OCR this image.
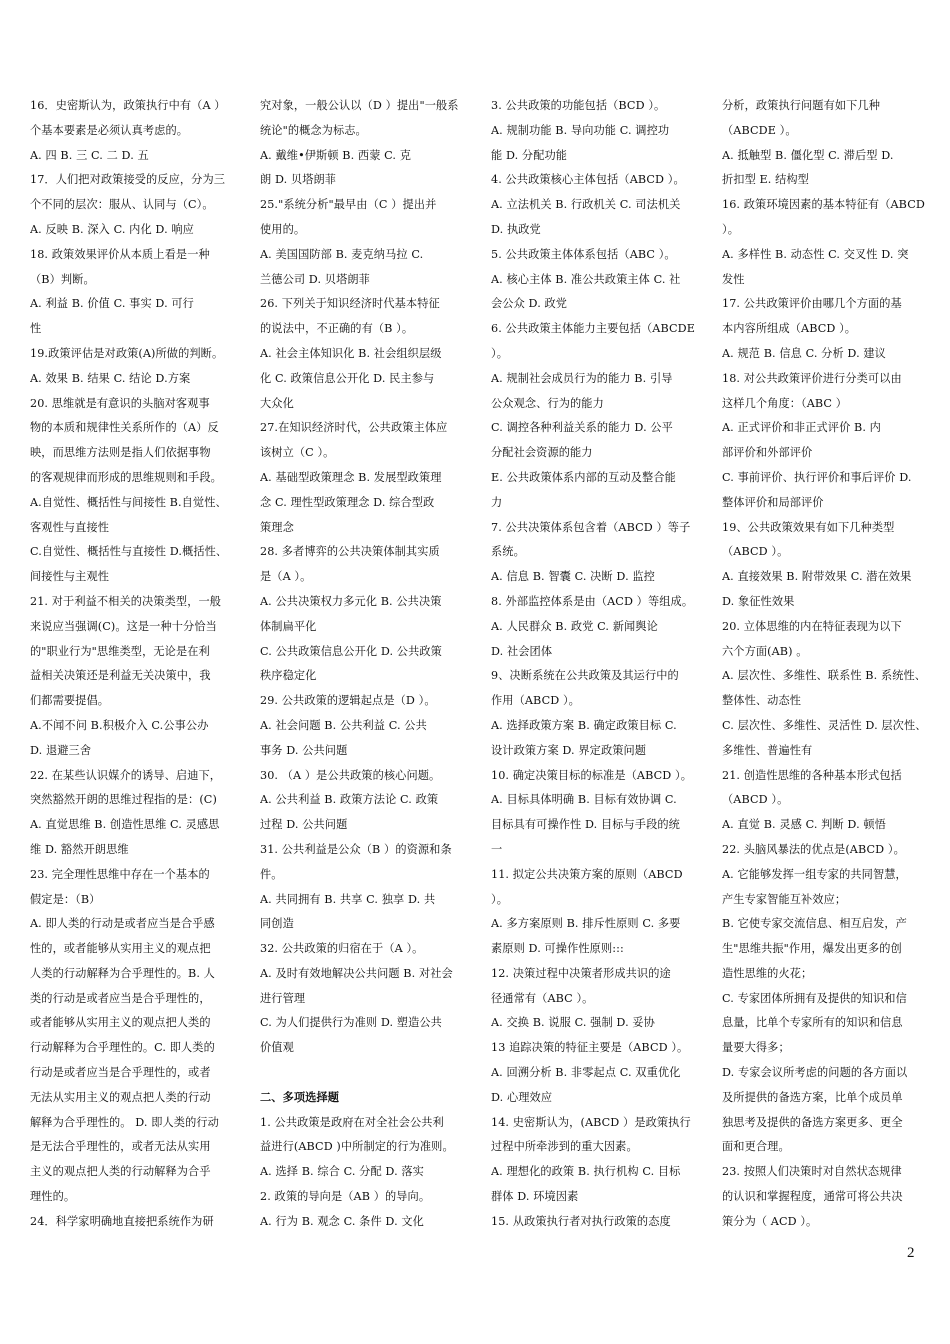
16．史密斯认为，政策执行中有（A ）
个基本要素是必须认真考虑的。
A. 四 B. 三 C. 二 D. 五
17．人们把对政策接受的反应，分为三
个不同的层次：服从、认同与（C）。
A. 反映 B. 深入 C. 内化 D. 响应
18. 政策效果评价从本质上看是一种
（B）判断。
A. 利益 B. 价值 C. 事实 D. 可行
性
19.政策评估是对政策(A)所做的判断。
A. 效果 B. 结果 C. 结论 D.方案
20. 思维就是有意识的头脑对客观事
物的本质和规律性关系所作的（A）反
映，而思维方法则是指人们依据事物
的客观规律而形成的思维规则和手段。
A.自觉性、概括性与间接性 B.自觉性、
客观性与直接性
C.自觉性、概括性与直接性 D.概括性、
间接性与主观性
21. 对于利益不相关的决策类型，一般
来说应当强调(C)。这是一种十分恰当
的"职业行为"思维类型，无论是在利
益相关决策还是利益无关决策中，我
们都需要提倡。
A.不闻不问 B.积极介入 C.公事公办
D. 退避三舍
22. 在某些认识媒介的诱导、启迪下，
突然豁然开朗的思维过程指的是：(C)
A. 直觉思维 B. 创造性思维 C. 灵感思
维 D. 豁然开朗思维
23. 完全理性思维中存在一个基本的
假定是：（B）
A. 即人类的行动是或者应当是合乎感
性的，或者能够从实用主义的观点把
人类的行动解释为合乎理性的。B. 人
类的行动是或者应当是合乎理性的，
或者能够从实用主义的观点把人类的
行动解释为合乎理性的。C. 即人类的
行动是或者应当是合乎理性的，或者
无法从实用主义的观点把人类的行动
解释为合乎理性的。 D. 即人类的行动
是无法合乎理性的，或者无法从实用
主义的观点把人类的行动解释为合乎
理性的。
24．科学家明确地直接把系统作为研
究对象，一般公认以（D ）提出"一般系
统论"的概念为标志。
A. 戴维•伊斯顿 B. 西蒙 C. 克
朗 D. 贝塔朗菲
25."系统分析"最早由（C ）提出并
使用的。
A. 美国国防部 B. 麦克纳马拉 C.
兰德公司 D. 贝塔朗菲
26. 下列关于知识经济时代基本特征
的说法中，不正确的有（B ）。
A. 社会主体知识化 B. 社会组织层级
化 C. 政策信息公开化 D. 民主参与
大众化
27.在知识经济时代，公共政策主体应
该树立（C ）。
A. 基础型政策理念 B. 发展型政策理
念 C. 理性型政策理念 D. 综合型政
策理念
28. 多者博弈的公共决策体制其实质
是（A ）。
A. 公共决策权力多元化 B. 公共决策
体制扁平化
C. 公共政策信息公开化 D. 公共政策
秩序稳定化
29. 公共政策的逻辑起点是（D ）。
A. 社会问题 B. 公共利益 C. 公共
事务 D. 公共问题
30. （A ）是公共政策的核心问题。
A. 公共利益 B. 政策方法论 C. 政策
过程 D. 公共问题
31. 公共利益是公众（B ）的资源和条
件。
A. 共同拥有 B. 共享 C. 独享 D. 共
同创造
32. 公共政策的归宿在于（A ）。
A. 及时有效地解决公共问题 B. 对社会
进行管理
C. 为人们提供行为准则 D. 塑造公共
价值观
二、多项选择题
1. 公共政策是政府在对全社会公共利
益进行(ABCD )中所制定的行为准则。
A. 选择 B. 综合 C. 分配 D. 落实
2. 政策的导向是（AB ）的导向。
A. 行为 B. 观念 C. 条件 D. 文化
3. 公共政策的功能包括（BCD ）。
A. 规制功能 B. 导向功能 C. 调控功
能 D. 分配功能
4. 公共政策核心主体包括（ABCD ）。
A. 立法机关 B. 行政机关 C. 司法机关
D. 执政党
5. 公共政策主体体系包括（ABC ）。
A. 核心主体 B. 准公共政策主体 C. 社
会公众 D. 政党
6. 公共政策主体能力主要包括（ABCDE
）。
A. 规制社会成员行为的能力 B. 引导
公众观念、行为的能力
C. 调控各种利益关系的能力 D. 公平
分配社会资源的能力
E. 公共政策体系内部的互动及整合能
力
7. 公共决策体系包含着（ABCD ）等子
系统。
A. 信息 B. 智囊 C. 决断 D. 监控
8. 外部监控体系是由（ACD ）等组成。
A. 人民群众 B. 政党 C. 新闻舆论
D. 社会团体
9、决断系统在公共政策及其运行中的
作用（ABCD ）。
A. 选择政策方案 B. 确定政策目标 C.
设计政策方案 D. 界定政策问题
10. 确定决策目标的标准是（ABCD ）。
A. 目标具体明确 B. 目标有效协调 C.
目标具有可操作性 D. 目标与手段的统
一
11. 拟定公共决策方案的原则（ABCD
）。
A. 多方案原则 B. 排斥性原则 C. 多要
素原则 D. 可操作性原则:::
12. 决策过程中决策者形成共识的途
径通常有（ABC ）。
A. 交换 B. 说服 C. 强制 D. 妥协
13 追踪决策的特征主要是（ABCD ）。
A. 回溯分析 B. 非零起点 C. 双重优化
D. 心理效应
14. 史密斯认为，(ABCD ）是政策执行
过程中所牵涉到的重大因素。
A. 理想化的政策 B. 执行机构 C. 目标
群体 D. 环境因素
15. 从政策执行者对执行政策的态度
分析，政策执行问题有如下几种
（ABCDE ）。
A. 抵触型 B. 僵化型 C. 滞后型 D.
折扣型 E. 结构型
16. 政策环境因素的基本特征有（ABCD
）。
A. 多样性 B. 动态性 C. 交叉性 D. 突
发性
17. 公共政策评价由哪几个方面的基
本内容所组成（ABCD ）。
A. 规范 B. 信息 C. 分析 D. 建议
18. 对公共政策评价进行分类可以由
这样几个角度：（ABC ）
A. 正式评价和非正式评价 B. 内
部评价和外部评价
C. 事前评价、执行评价和事后评价 D.
整体评价和局部评价
19、公共政策效果有如下几种类型
（ABCD ）。
A. 直接效果 B. 附带效果 C. 潜在效果
D. 象征性效果
20. 立体思维的内在特征表现为以下
六个方面(AB) 。
A. 层次性、多维性、联系性 B. 系统性、
整体性、动态性
C. 层次性、多维性、灵活性 D. 层次性、
多维性、普遍性有
21. 创造性思维的各种基本形式包括
（ABCD ）。
A. 直觉 B. 灵感 C. 判断 D. 顿悟
22. 头脑风暴法的优点是(ABCD ）。
A. 它能够发挥一组专家的共同智慧，
产生专家智能互补效应；
B. 它使专家交流信息、相互启发，产
生"思维共振"作用，爆发出更多的创
造性思维的火花；
C. 专家团体所拥有及提供的知识和信
息量，比单个专家所有的知识和信息
量要大得多；
D. 专家会议所考虑的问题的各方面以
及所提供的备选方案，比单个成员单
独思考及提供的备选方案更多、更全
面和更合理。
23. 按照人们决策时对自然状态规律
的认识和掌握程度，通常可将公共决
策分为（ ACD ）。
2
